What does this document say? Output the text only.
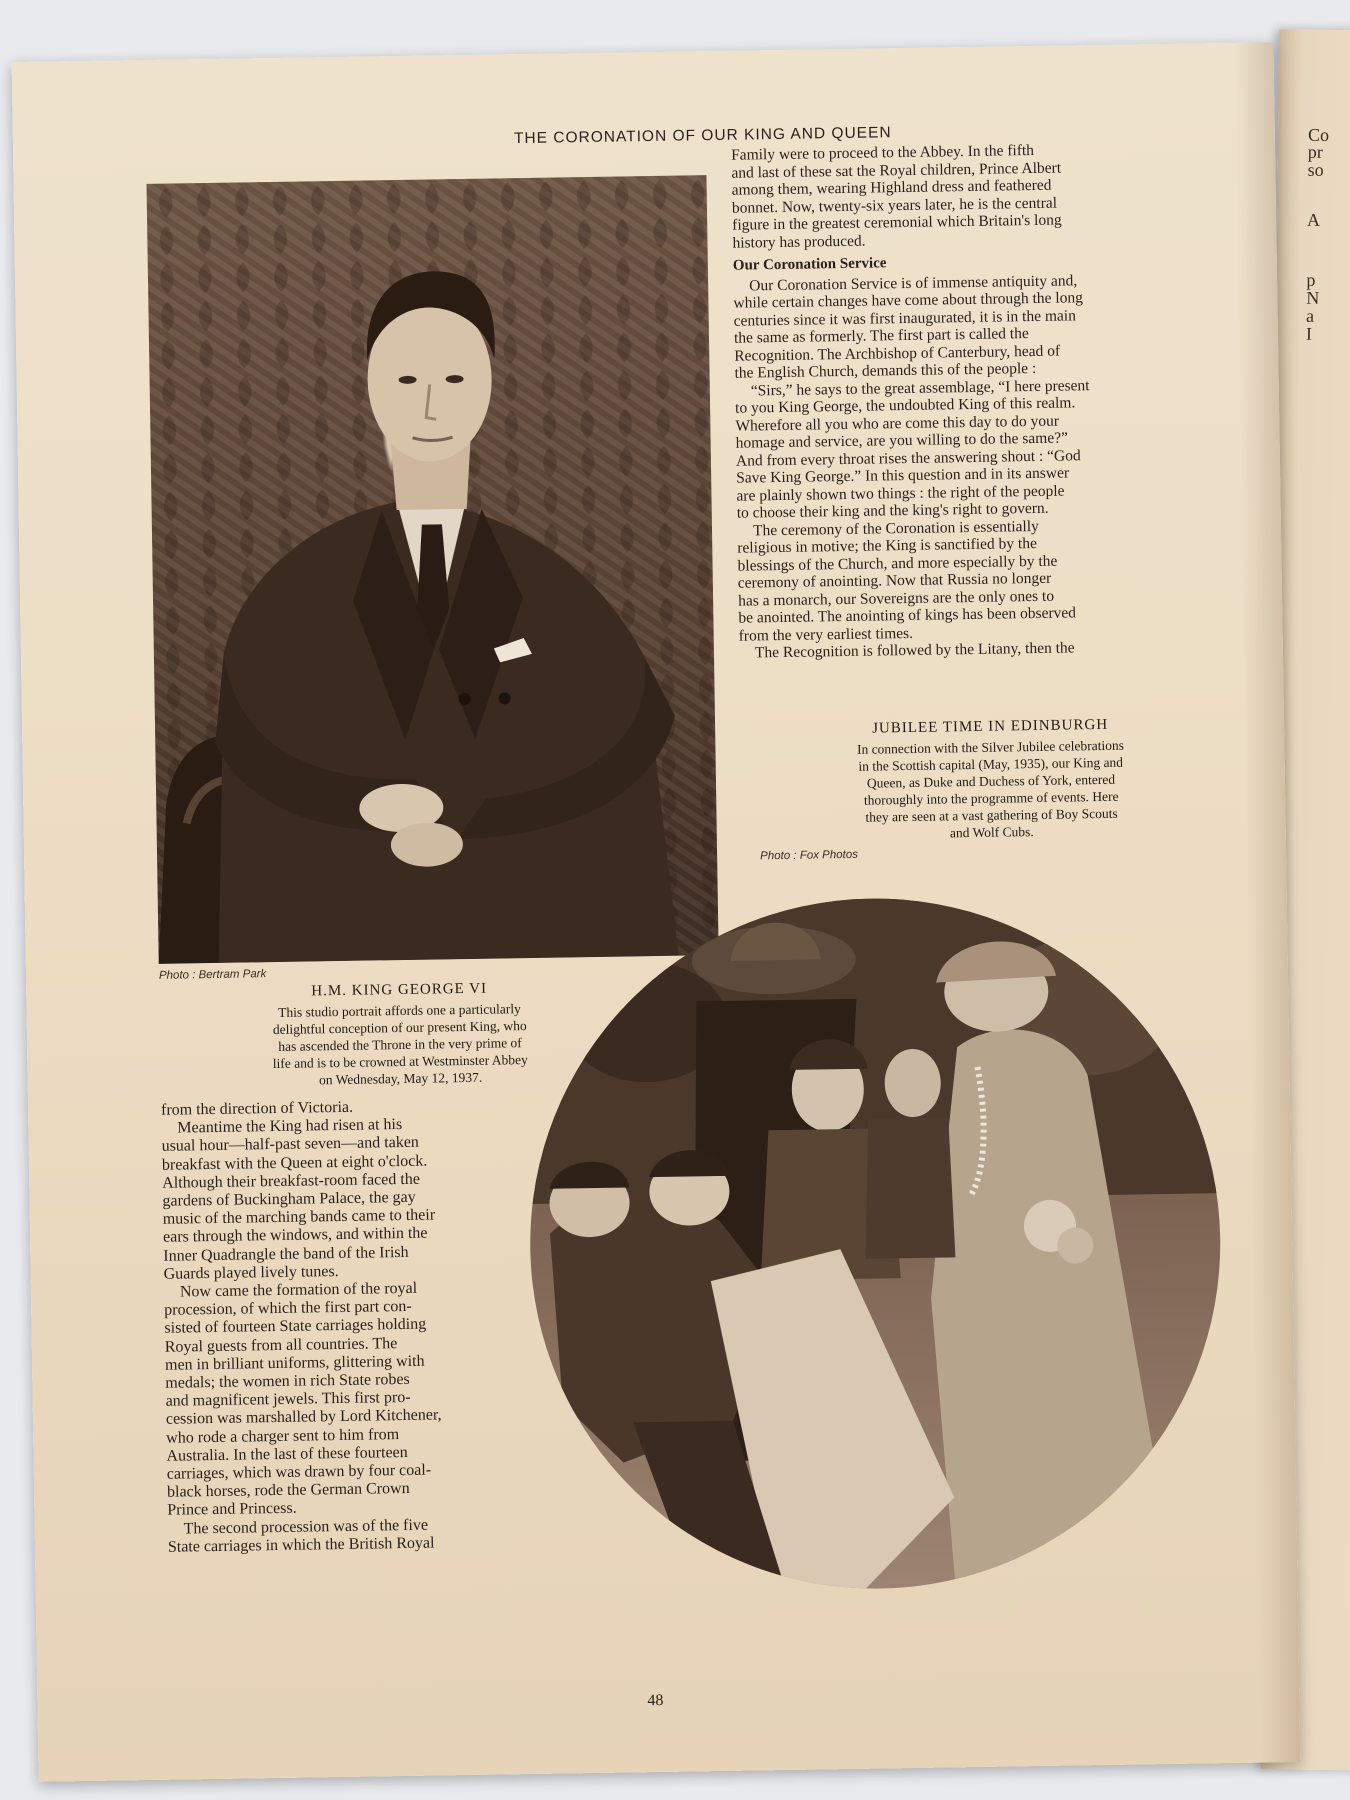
Co
pr
so
A
p
N
a
I
THE CORONATION OF OUR KING AND QUEEN
Photo : Bertram Park
H.M. KING GEORGE VI
This studio portrait affords one a particularly
delightful conception of our present King, who
has ascended the Throne in the very prime of
life and is to be crowned at Westminster Abbey
on Wednesday, May 12, 1937.

Family were to proceed to the Abbey. In the fifth
and last of these sat the Royal children, Prince Albert
among them, wearing Highland dress and feathered
bonnet. Now, twenty-six years later, he is the central
figure in the greatest ceremonial which Britain's long
history has produced.

Our Coronation Service

Our Coronation Service is of immense antiquity and,
while certain changes have come about through the long
centuries since it was first inaugurated, it is in the main
the same as formerly. The first part is called the
Recognition. The Archbishop of Canterbury, head of
the English Church, demands this of the people :

“Sirs,” he says to the great assemblage, “I here present
to you King George, the undoubted King of this realm.
Wherefore all you who are come this day to do your
homage and service, are you willing to do the same?”
And from every throat rises the answering shout : “God
Save King George.” In this question and in its answer
are plainly shown two things : the right of the people
to choose their king and the king's right to govern.

The ceremony of the Coronation is essentially
religious in motive; the King is sanctified by the
blessings of the Church, and more especially by the
ceremony of anointing. Now that Russia no longer
has a monarch, our Sovereigns are the only ones to
be anointed. The anointing of kings has been observed
from the very earliest times.

The Recognition is followed by the Litany, then the

JUBILEE TIME IN EDINBURGH
In connection with the Silver Jubilee celebrations
in the Scottish capital (May, 1935), our King and
Queen, as Duke and Duchess of York, entered
thoroughly into the programme of events. Here
they are seen at a vast gathering of Boy Scouts
and Wolf Cubs.
Photo : Fox Photos

from the direction of Victoria.

Meantime the King had risen at his
usual hour—half-past seven—and taken
breakfast with the Queen at eight o'clock.
Although their breakfast-room faced the
gardens of Buckingham Palace, the gay
music of the marching bands came to their
ears through the windows, and within the
Inner Quadrangle the band of the Irish
Guards played lively tunes.

Now came the formation of the royal
procession, of which the first part con-
sisted of fourteen State carriages holding
Royal guests from all countries. The
men in brilliant uniforms, glittering with
medals; the women in rich State robes
and magnificent jewels. This first pro-
cession was marshalled by Lord Kitchener,
who rode a charger sent to him from
Australia. In the last of these fourteen
carriages, which was drawn by four coal-
black horses, rode the German Crown
Prince and Princess.

The second procession was of the five
State carriages in which the British Royal

48
